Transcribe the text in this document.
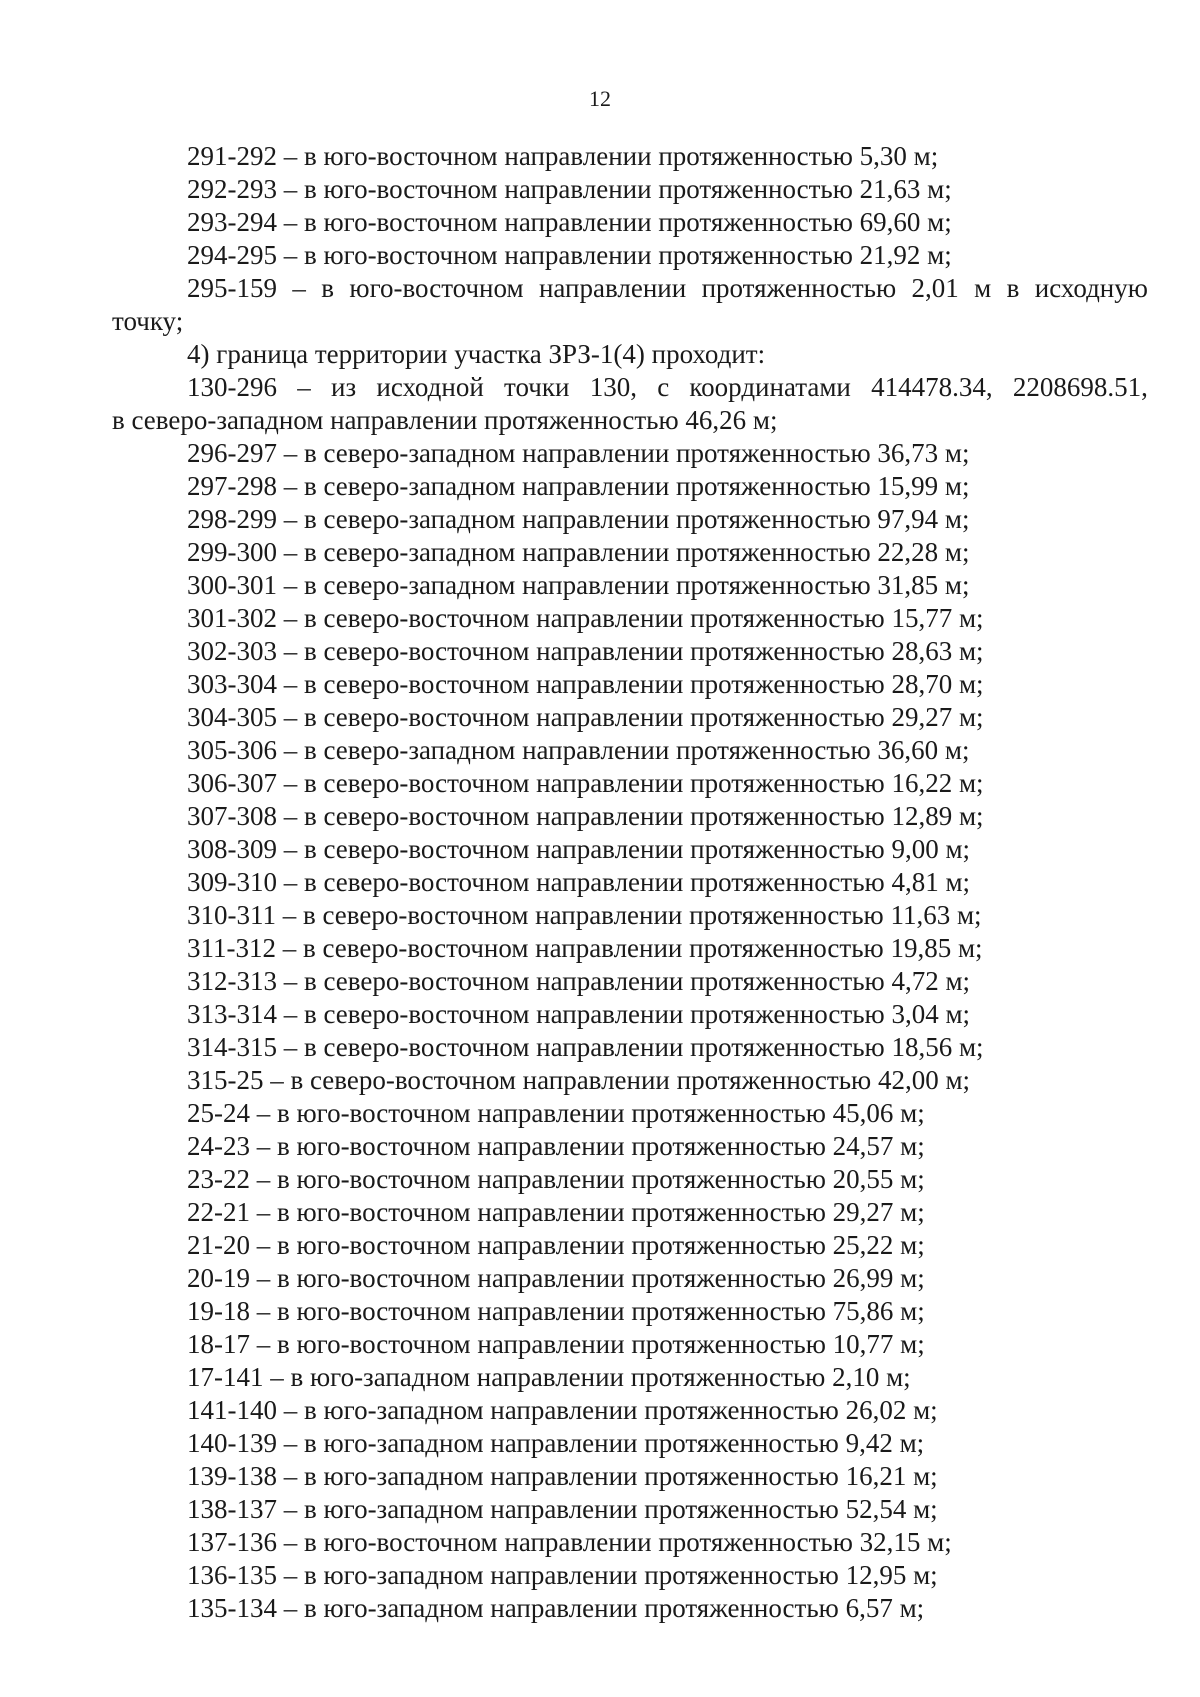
12
291-292 – в юго-восточном направлении протяженностью 5,30 м;
292-293 – в юго-восточном направлении протяженностью 21,63 м;
293-294 – в юго-восточном направлении протяженностью 69,60 м;
294-295 – в юго-восточном направлении протяженностью 21,92 м;
295-159 – в юго-восточном направлении протяженностью 2,01 м в исходную
точку;
4) граница территории участка ЗРЗ-1(4) проходит:
130-296 – из исходной точки 130, с координатами 414478.34, 2208698.51,
в северо-западном направлении протяженностью 46,26 м;
296-297 – в северо-западном направлении протяженностью 36,73 м;
297-298 – в северо-западном направлении протяженностью 15,99 м;
298-299 – в северо-западном направлении протяженностью 97,94 м;
299-300 – в северо-западном направлении протяженностью 22,28 м;
300-301 – в северо-западном направлении протяженностью 31,85 м;
301-302 – в северо-восточном направлении протяженностью 15,77 м;
302-303 – в северо-восточном направлении протяженностью 28,63 м;
303-304 – в северо-восточном направлении протяженностью 28,70 м;
304-305 – в северо-восточном направлении протяженностью 29,27 м;
305-306 – в северо-западном направлении протяженностью 36,60 м;
306-307 – в северо-восточном направлении протяженностью 16,22 м;
307-308 – в северо-восточном направлении протяженностью 12,89 м;
308-309 – в северо-восточном направлении протяженностью 9,00 м;
309-310 – в северо-восточном направлении протяженностью 4,81 м;
310-311 – в северо-восточном направлении протяженностью 11,63 м;
311-312 – в северо-восточном направлении протяженностью 19,85 м;
312-313 – в северо-восточном направлении протяженностью 4,72 м;
313-314 – в северо-восточном направлении протяженностью 3,04 м;
314-315 – в северо-восточном направлении протяженностью 18,56 м;
315-25 – в северо-восточном направлении протяженностью 42,00 м;
25-24 – в юго-восточном направлении протяженностью 45,06 м;
24-23 – в юго-восточном направлении протяженностью 24,57 м;
23-22 – в юго-восточном направлении протяженностью 20,55 м;
22-21 – в юго-восточном направлении протяженностью 29,27 м;
21-20 – в юго-восточном направлении протяженностью 25,22 м;
20-19 – в юго-восточном направлении протяженностью 26,99 м;
19-18 – в юго-восточном направлении протяженностью 75,86 м;
18-17 – в юго-восточном направлении протяженностью 10,77 м;
17-141 – в юго-западном направлении протяженностью 2,10 м;
141-140 – в юго-западном направлении протяженностью 26,02 м;
140-139 – в юго-западном направлении протяженностью 9,42 м;
139-138 – в юго-западном направлении протяженностью 16,21 м;
138-137 – в юго-западном направлении протяженностью 52,54 м;
137-136 – в юго-восточном направлении протяженностью 32,15 м;
136-135 – в юго-западном направлении протяженностью 12,95 м;
135-134 – в юго-западном направлении протяженностью 6,57 м;
